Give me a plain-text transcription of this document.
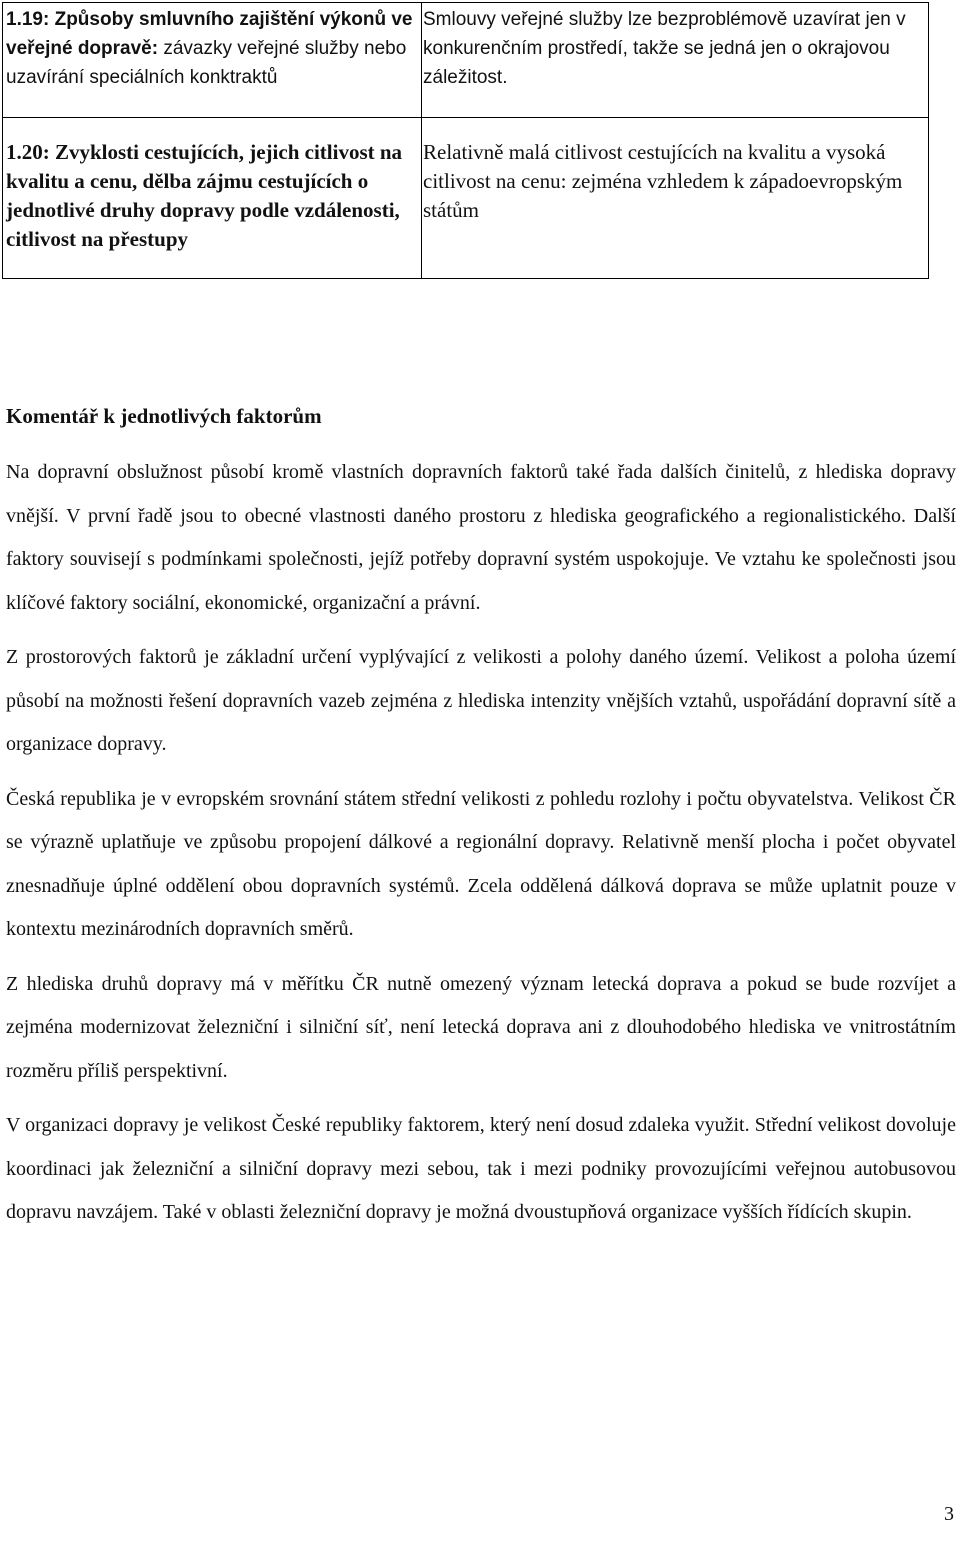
1.19: Způsoby smluvního zajištění výkonů ve veřejné dopravě: závazky veřejné služby nebo uzavírání speciálních konktraktů	Smlouvy veřejné služby lze bezproblémově uzavírat jen v konkurenčním prostředí, takže se jedná jen o okrajovou záležitost.

1.20: Zvyklosti cestujících, jejich citlivost na kvalitu a cenu, dělba zájmu cestujících o jednotlivé druhy dopravy podle vzdálenosti, citlivost na přestupy	Relativně malá citlivost cestujících na kvalitu a vysoká citlivost na cenu: zejména vzhledem k západoevropským státům
Komentář k jednotlivých faktorům

Na dopravní obslužnost působí kromě vlastních dopravních faktorů také řada dalších činitelů, z hlediska dopravy vnější. V první řadě jsou to obecné vlastnosti daného prostoru z hlediska geografického a regionalistického. Další faktory souvisejí s podmínkami společnosti, jejíž potřeby dopravní systém uspokojuje. Ve vztahu ke společnosti jsou klíčové faktory sociální, ekonomické, organizační a právní.

Z prostorových faktorů je základní určení vyplývající z velikosti a polohy daného území. Velikost a poloha území působí na možnosti řešení dopravních vazeb zejména z hlediska intenzity vnějších vztahů, uspořádání dopravní sítě a organizace dopravy.

Česká republika je v evropském srovnání státem střední velikosti z pohledu rozlohy i počtu obyvatelstva. Velikost ČR se výrazně uplatňuje ve způsobu propojení dálkové a regionální dopravy. Relativně menší plocha i počet obyvatel znesnadňuje úplné oddělení obou dopravních systémů. Zcela oddělená dálková doprava se může uplatnit pouze v kontextu mezinárodních dopravních směrů.

Z hlediska druhů dopravy má v měřítku ČR nutně omezený význam letecká doprava a pokud se bude rozvíjet a zejména modernizovat železniční i silniční síť, není letecká doprava ani z dlouhodobého hlediska ve vnitrostátním rozměru příliš perspektivní.

V organizaci dopravy je velikost České republiky faktorem, který není dosud zdaleka využit. Střední velikost dovoluje koordinaci jak železniční a silniční dopravy mezi sebou, tak i mezi podniky provozujícími veřejnou autobusovou dopravu navzájem. Také v oblasti železniční dopravy je možná dvoustupňová organizace vyšších řídících skupin.

3
